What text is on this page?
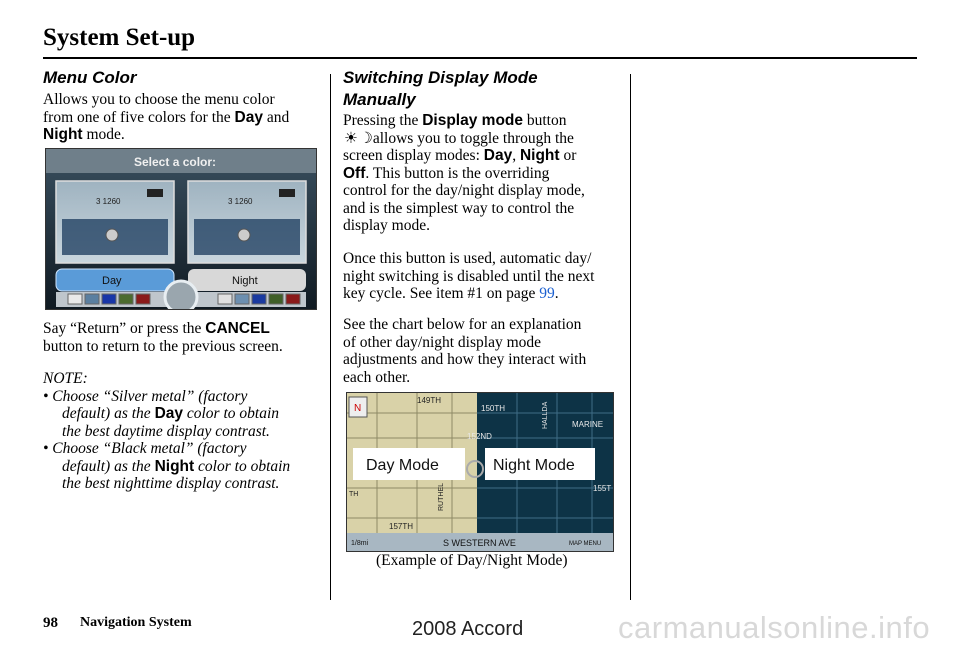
System Set-up
Menu Color
Allows you to choose the menu color
from one of five colors for the Day and
Night mode.
Select a color:
3 1260	3 1260
Day	Night
Say “Return” or press the CANCEL
button to return to the previous screen.
NOTE:
• Choose “Silver metal” (factory
default) as the Day color to obtain
the best daytime display contrast.
• Choose “Black metal” (factory
default) as the Night color to obtain
the best nighttime display contrast.
Switching Display Mode
Manually
Pressing the Display mode button
☀☽ allows you to toggle through the
screen display modes: Day, Night or
Off. This button is the overriding
control for the day/night display mode,
and is the simplest way to control the
display mode.
Once this button is used, automatic day/
night switching is disabled until the next
key cycle. See item #1 on page 99.
See the chart below for an explanation
of other day/night display mode
adjustments and how they interact with
each other.
N
149TH
150TH
152ND
MARINE
155T
157TH
RUTHEL
S WESTERN AVE	MAP MENU
1/8mi
TH
HALLDA
Day Mode	Night Mode
(Example of Day/Night Mode)
98 Navigation System	2008 Accord	carmanualsonline.info
